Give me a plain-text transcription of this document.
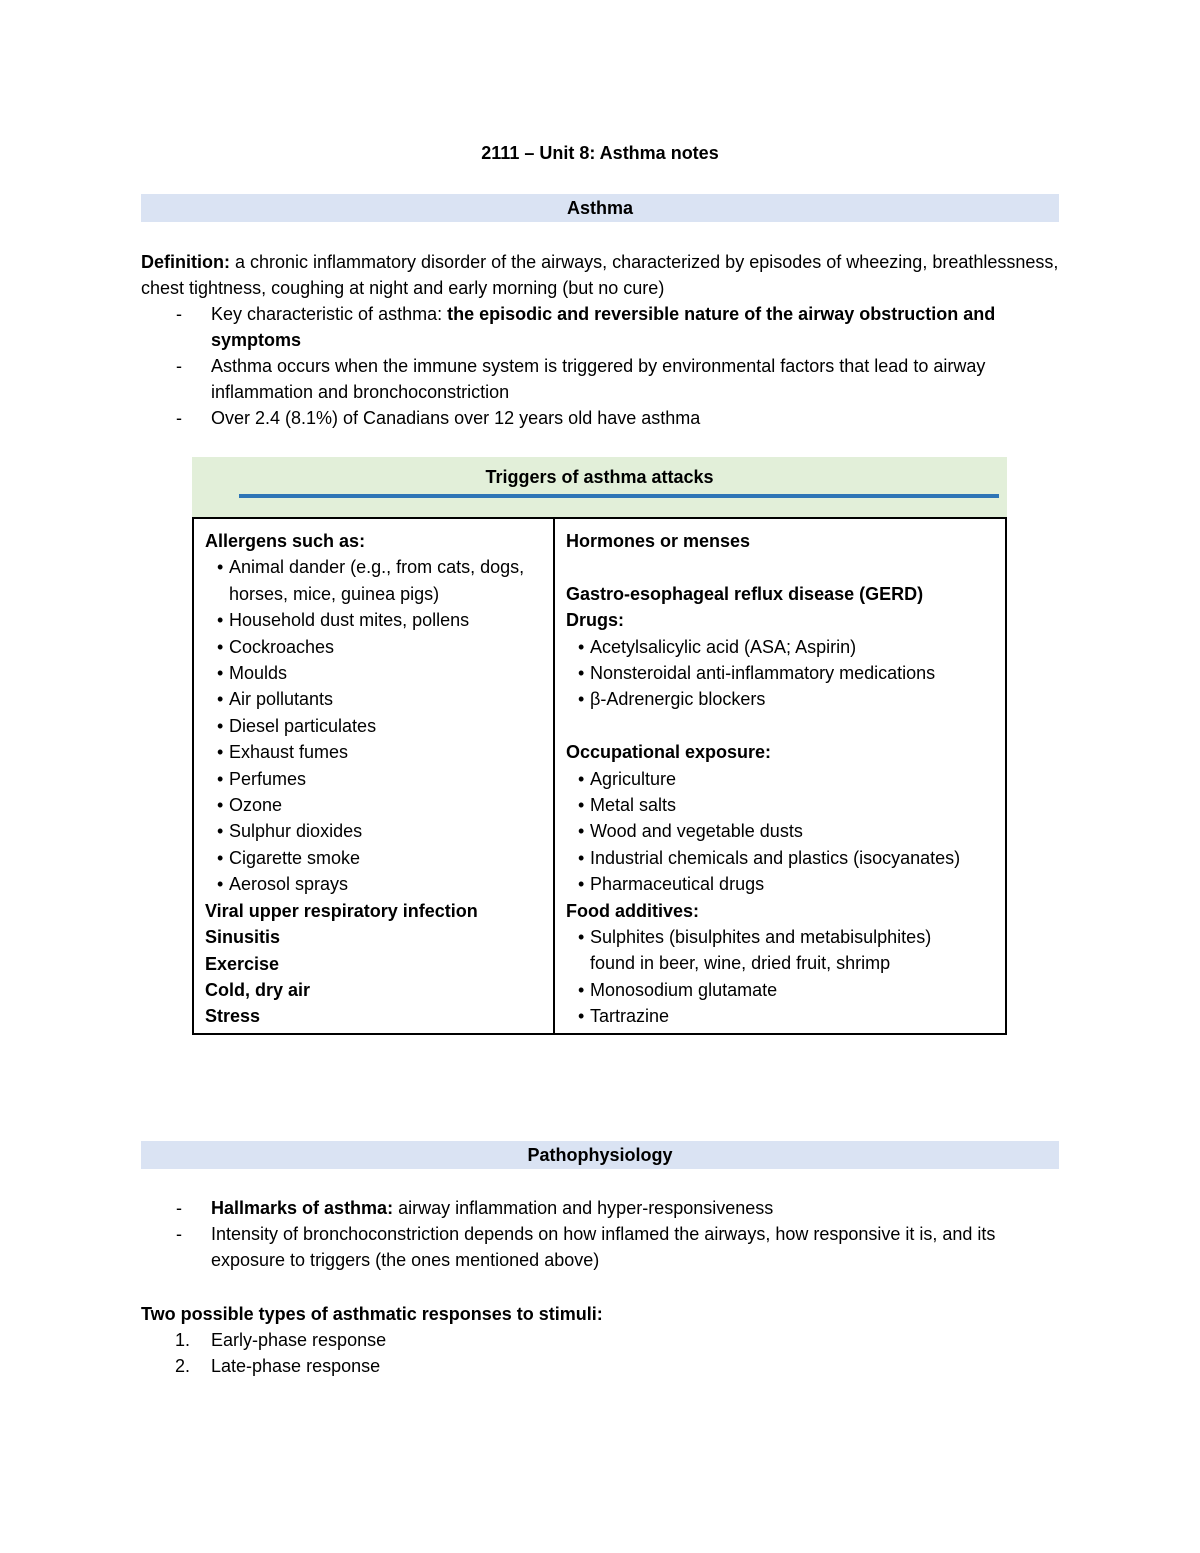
2111 – Unit 8: Asthma notes
Asthma
Definition: a chronic inflammatory disorder of the airways, characterized by episodes of wheezing, breathlessness, chest tightness, coughing at night and early morning (but no cure)
- Key characteristic of asthma: the episodic and reversible nature of the airway obstruction and symptoms
- Asthma occurs when the immune system is triggered by environmental factors that lead to airway inflammation and bronchoconstriction
- Over 2.4 (8.1%) of Canadians over 12 years old have asthma
Triggers of asthma attacks
Allergens such as:
• Animal dander (e.g., from cats, dogs, horses, mice, guinea pigs)
• Household dust mites, pollens
• Cockroaches
• Moulds
• Air pollutants
• Diesel particulates
• Exhaust fumes
• Perfumes
• Ozone
• Sulphur dioxides
• Cigarette smoke
• Aerosol sprays
Viral upper respiratory infection
Sinusitis
Exercise
Cold, dry air
Stress
Hormones or menses
Gastro-esophageal reflux disease (GERD)
Drugs:
• Acetylsalicylic acid (ASA; Aspirin)
• Nonsteroidal anti-inflammatory medications
• β-Adrenergic blockers
Occupational exposure:
• Agriculture
• Metal salts
• Wood and vegetable dusts
• Industrial chemicals and plastics (isocyanates)
• Pharmaceutical drugs
Food additives:
• Sulphites (bisulphites and metabisulphites) found in beer, wine, dried fruit, shrimp
• Monosodium glutamate
• Tartrazine
Pathophysiology
- Hallmarks of asthma: airway inflammation and hyper-responsiveness
- Intensity of bronchoconstriction depends on how inflamed the airways, how responsive it is, and its exposure to triggers (the ones mentioned above)
Two possible types of asthmatic responses to stimuli:
1. Early-phase response
2. Late-phase response
